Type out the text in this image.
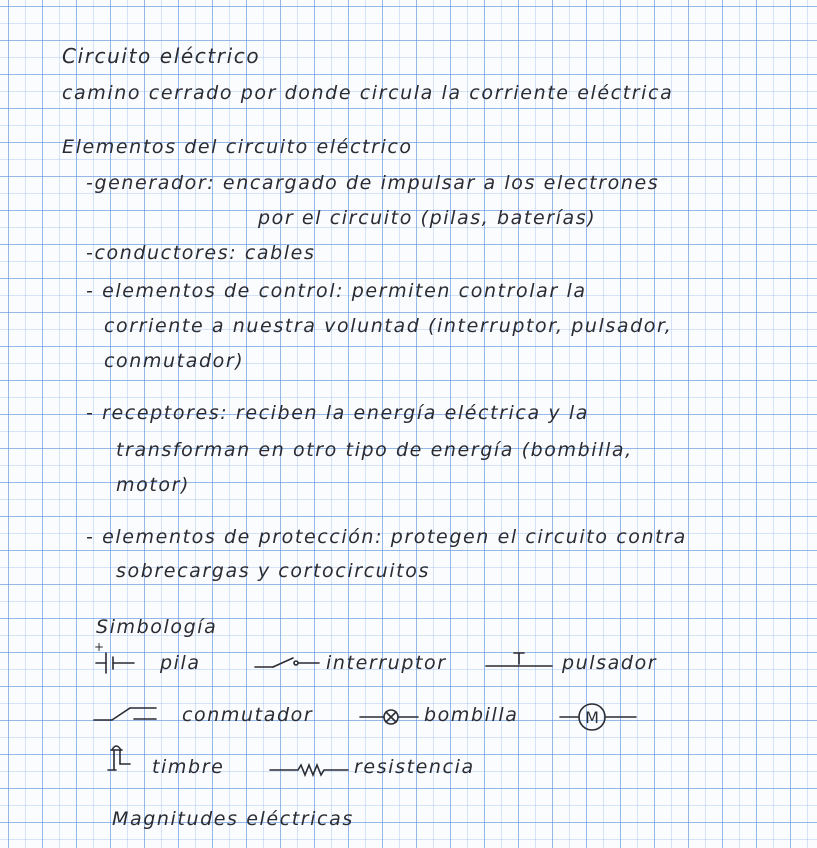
Circuito eléctrico
camino cerrado por donde circula la corriente eléctrica
Elementos del circuito eléctrico
-generador: encargado de impulsar a los electrones
por el circuito (pilas, baterías)
-conductores: cables
- elementos de control: permiten controlar la
corriente a nuestra voluntad (interruptor, pulsador,
conmutador)
- receptores: reciben la energía eléctrica y la
transforman en otro tipo de energía (bombilla,
motor)
- elementos de protección: protegen el circuito contra
sobrecargas y cortocircuitos
Simbología
+
pila	interruptor	pulsador
conmutador	bombilla	M
timbre	resistencia
Magnitudes eléctricas
